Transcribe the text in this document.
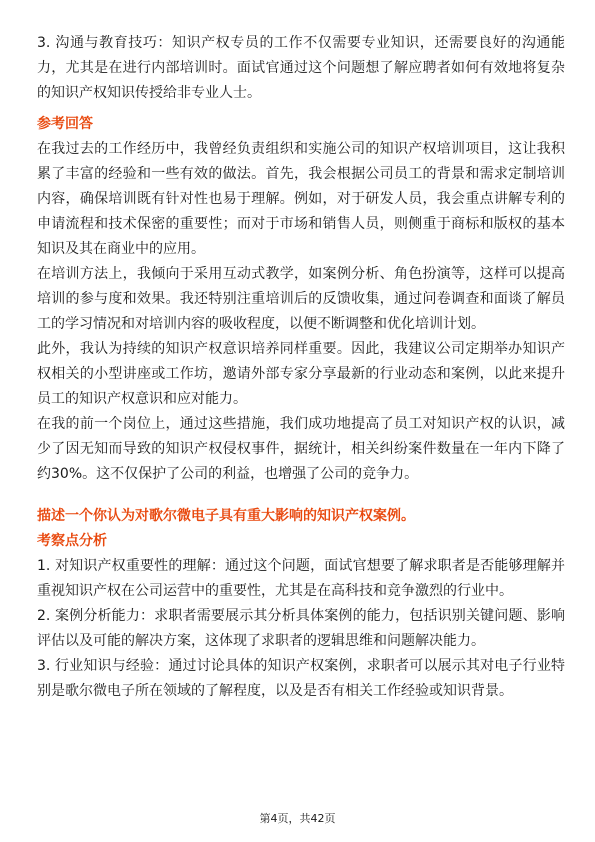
3. 沟通与教育技巧：知识产权专员的工作不仅需要专业知识，还需要良好的沟通能力，尤其是在进行内部培训时。面试官通过这个问题想了解应聘者如何有效地将复杂的知识产权知识传授给非专业人士。

参考回答

在我过去的工作经历中，我曾经负责组织和实施公司的知识产权培训项目，这让我积累了丰富的经验和一些有效的做法。首先，我会根据公司员工的背景和需求定制培训内容，确保培训既有针对性也易于理解。例如，对于研发人员，我会重点讲解专利的申请流程和技术保密的重要性；而对于市场和销售人员，则侧重于商标和版权的基本知识及其在商业中的应用。

在培训方法上，我倾向于采用互动式教学，如案例分析、角色扮演等，这样可以提高培训的参与度和效果。我还特别注重培训后的反馈收集，通过问卷调查和面谈了解员工的学习情况和对培训内容的吸收程度，以便不断调整和优化培训计划。

此外，我认为持续的知识产权意识培养同样重要。因此，我建议公司定期举办知识产权相关的小型讲座或工作坊，邀请外部专家分享最新的行业动态和案例，以此来提升员工的知识产权意识和应对能力。

在我的前一个岗位上，通过这些措施，我们成功地提高了员工对知识产权的认识，减少了因无知而导致的知识产权侵权事件，据统计，相关纠纷案件数量在一年内下降了约30%。这不仅保护了公司的利益，也增强了公司的竞争力。

描述一个你认为对歌尔微电子具有重大影响的知识产权案例。

考察点分析

1. 对知识产权重要性的理解：通过这个问题，面试官想要了解求职者是否能够理解并重视知识产权在公司运营中的重要性，尤其是在高科技和竞争激烈的行业中。

2. 案例分析能力：求职者需要展示其分析具体案例的能力，包括识别关键问题、影响评估以及可能的解决方案，这体现了求职者的逻辑思维和问题解决能力。

3. 行业知识与经验：通过讨论具体的知识产权案例，求职者可以展示其对电子行业特别是歌尔微电子所在领域的了解程度，以及是否有相关工作经验或知识背景。

第4页，共42页
